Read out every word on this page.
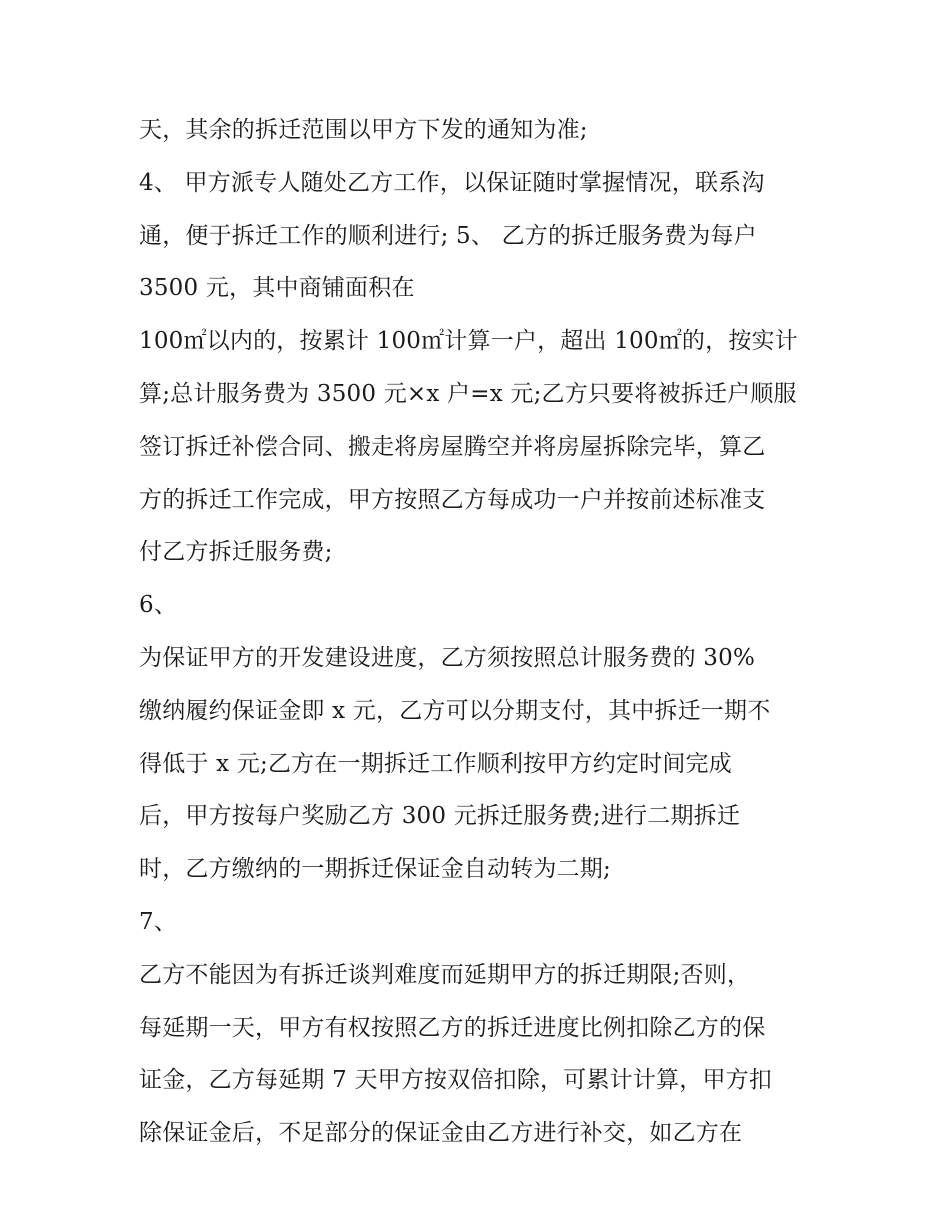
天，其余的拆迁范围以甲方下发的通知为准;
4、 甲方派专人随处乙方工作，以保证随时掌握情况，联系沟
通，便于拆迁工作的顺利进行; 5、 乙方的拆迁服务费为每户
3500 元，其中商铺面积在
100㎡以内的，按累计 100㎡计算一户，超出 100㎡的，按实计
算;总计服务费为 3500 元×x 户=x 元;乙方只要将被拆迁户顺服
签订拆迁补偿合同、搬走将房屋腾空并将房屋拆除完毕，算乙
方的拆迁工作完成，甲方按照乙方每成功一户并按前述标准支
付乙方拆迁服务费;
6、
为保证甲方的开发建设进度，乙方须按照总计服务费的 30%
缴纳履约保证金即 x 元，乙方可以分期支付，其中拆迁一期不
得低于 x 元;乙方在一期拆迁工作顺利按甲方约定时间完成
后，甲方按每户奖励乙方 300 元拆迁服务费;进行二期拆迁
时，乙方缴纳的一期拆迁保证金自动转为二期;
7、
乙方不能因为有拆迁谈判难度而延期甲方的拆迁期限;否则，
每延期一天，甲方有权按照乙方的拆迁进度比例扣除乙方的保
证金，乙方每延期 7 天甲方按双倍扣除，可累计计算，甲方扣
除保证金后，不足部分的保证金由乙方进行补交，如乙方在
